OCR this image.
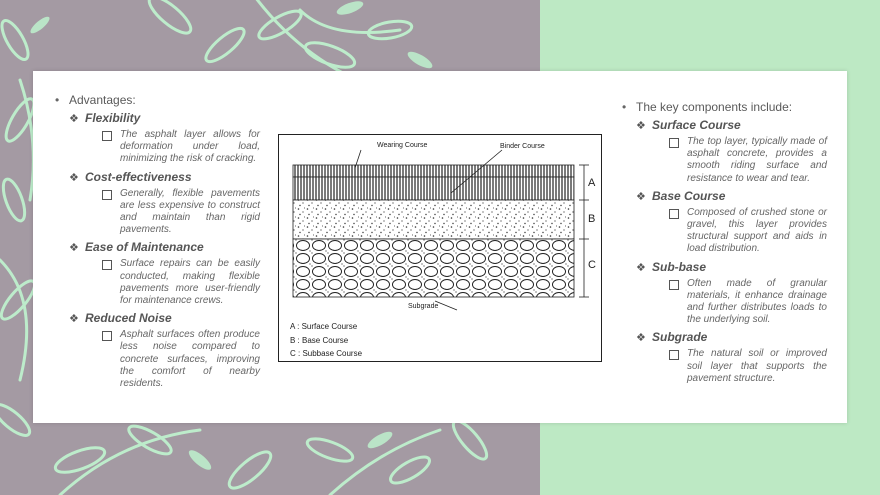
• Advantages:
❖ Flexibility
The asphalt layer allows for deformation under load, minimizing the risk of cracking.
❖ Cost-effectiveness
Generally, flexible pavements are less expensive to construct and maintain than rigid pavements.
❖ Ease of Maintenance
Surface repairs can be easily conducted, making flexible pavements more user-friendly for maintenance crews.
❖ Reduced Noise
Asphalt surfaces often produce less noise compared to concrete surfaces, improving the comfort of nearby residents.
Wearing Course	Binder Course
Subgrade
A
B
C
A : Surface Course
B : Base Course
C : Subbase Course
• The key components include:
❖ Surface Course
The top layer, typically made of asphalt concrete, provides a smooth riding surface and resistance to wear and tear.
❖ Base Course
Composed of crushed stone or gravel, this layer provides structural support and aids in load distribution.
❖ Sub-base
Often made of granular materials, it enhance drainage and further distributes loads to the underlying soil.
❖ Subgrade
The natural soil or improved soil layer that supports the pavement structure.
